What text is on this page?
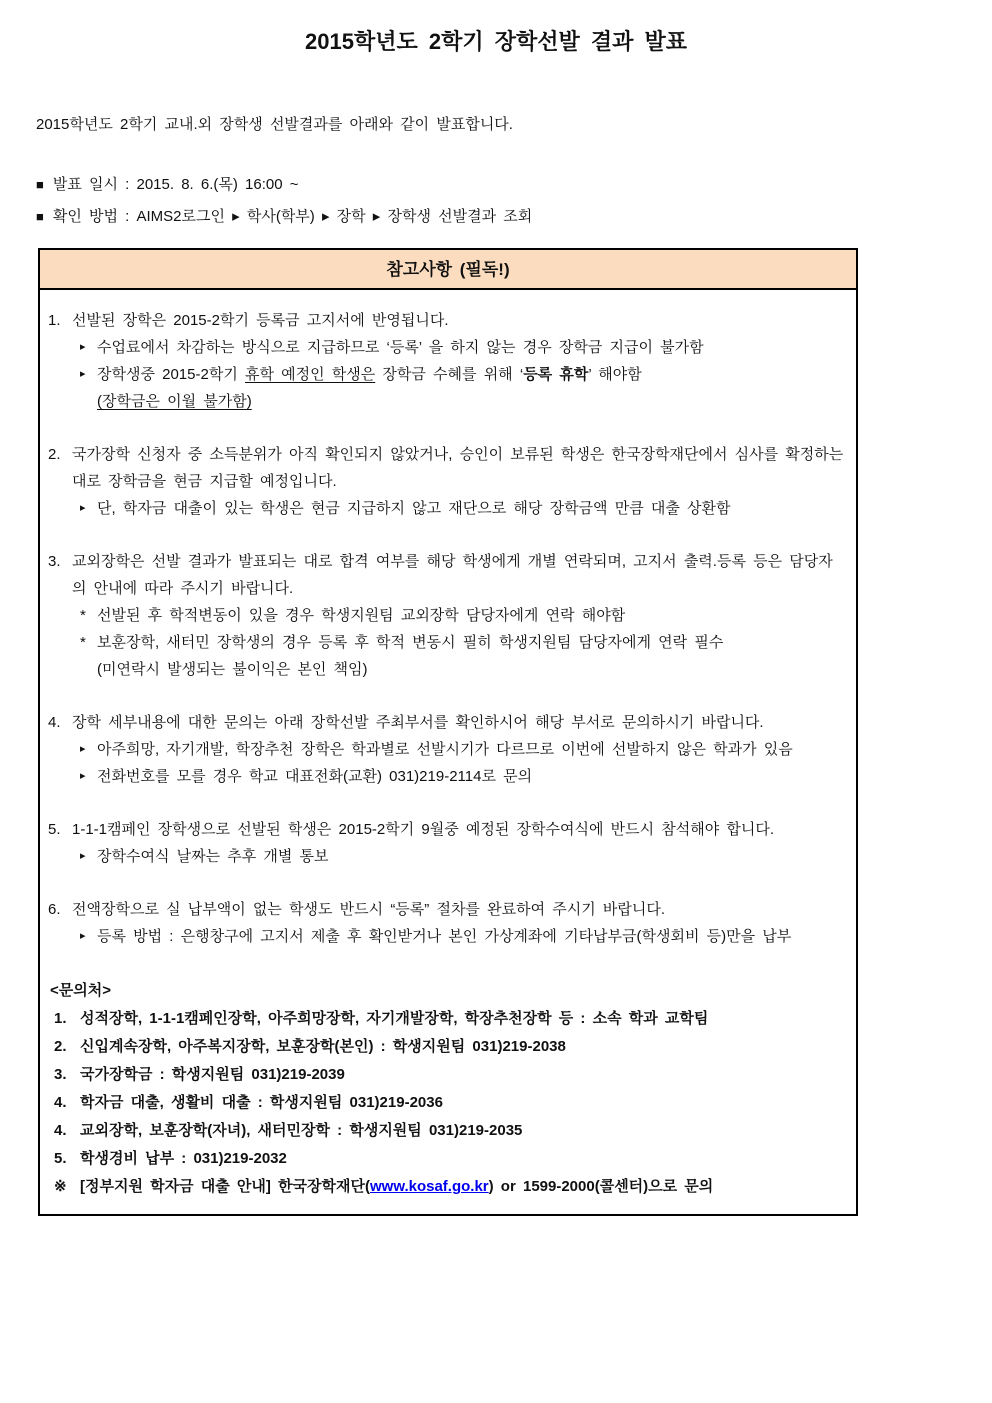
2015학년도 2학기 장학선발 결과 발표

2015학년도 2학기 교내.외 장학생 선발결과를 아래와 같이 발표합니다.

■ 발표 일시 : 2015. 8. 6.(목) 16:00 ~
■ 확인 방법 : AIMS2로그인 ▸ 학사(학부) ▸ 장학 ▸ 장학생 선발결과 조회
참고사항 (필독!)
1. 선발된 장학은 2015-2학기 등록금 고지서에 반영됩니다.
▸ 수업료에서 차감하는 방식으로 지급하므로 ‘등록’ 을 하지 않는 경우 장학금 지급이 불가함
▸ 장학생중 2015-2학기 휴학 예정인 학생은 장학금 수혜를 위해 ‘등록 휴학’ 해야함
(장학금은 이월 불가함)
2. 국가장학 신청자 중 소득분위가 아직 확인되지 않았거나, 승인이 보류된 학생은 한국장학재단에서 심사를 확정하는 대로 장학금을 현금 지급할 예정입니다.
▸ 단, 학자금 대출이 있는 학생은 현금 지급하지 않고 재단으로 해당 장학금액 만큼 대출 상환함
3. 교외장학은 선발 결과가 발표되는 대로 합격 여부를 해당 학생에게 개별 연락되며, 고지서 출력.등록 등은 담당자의 안내에 따라 주시기 바랍니다.
* 선발된 후 학적변동이 있을 경우 학생지원팀 교외장학 담당자에게 연락 해야함
* 보훈장학, 새터민 장학생의 경우 등록 후 학적 변동시 필히 학생지원팀 담당자에게 연락 필수
(미연락시 발생되는 불이익은 본인 책임)
4. 장학 세부내용에 대한 문의는 아래 장학선발 주최부서를 확인하시어 해당 부서로 문의하시기 바랍니다.
▸ 아주희망, 자기개발, 학장추천 장학은 학과별로 선발시기가 다르므로 이번에 선발하지 않은 학과가 있음
▸ 전화번호를 모를 경우 학교 대표전화(교환) 031)219-2114로 문의
5. 1-1-1캠페인 장학생으로 선발된 학생은 2015-2학기 9월중 예정된 장학수여식에 반드시 참석해야 합니다.
▸ 장학수여식 날짜는 추후 개별 통보
6. 전액장학으로 실 납부액이 없는 학생도 반드시 “등록” 절차를 완료하여 주시기 바랍니다.
▸ 등록 방법 : 은행창구에 고지서 제출 후 확인받거나 본인 가상계좌에 기타납부금(학생회비 등)만을 납부
<문의처>
1. 성적장학, 1-1-1캠페인장학, 아주희망장학, 자기개발장학, 학장추천장학 등 : 소속 학과 교학팀
2. 신입계속장학, 아주복지장학, 보훈장학(본인) : 학생지원팀 031)219-2038
3. 국가장학금 : 학생지원팀 031)219-2039
4. 학자금 대출, 생활비 대출 : 학생지원팀 031)219-2036
4. 교외장학, 보훈장학(자녀), 새터민장학 : 학생지원팀 031)219-2035
5. 학생경비 납부 : 031)219-2032
※ [정부지원 학자금 대출 안내] 한국장학재단(www.kosaf.go.kr) or 1599-2000(콜센터)으로 문의
